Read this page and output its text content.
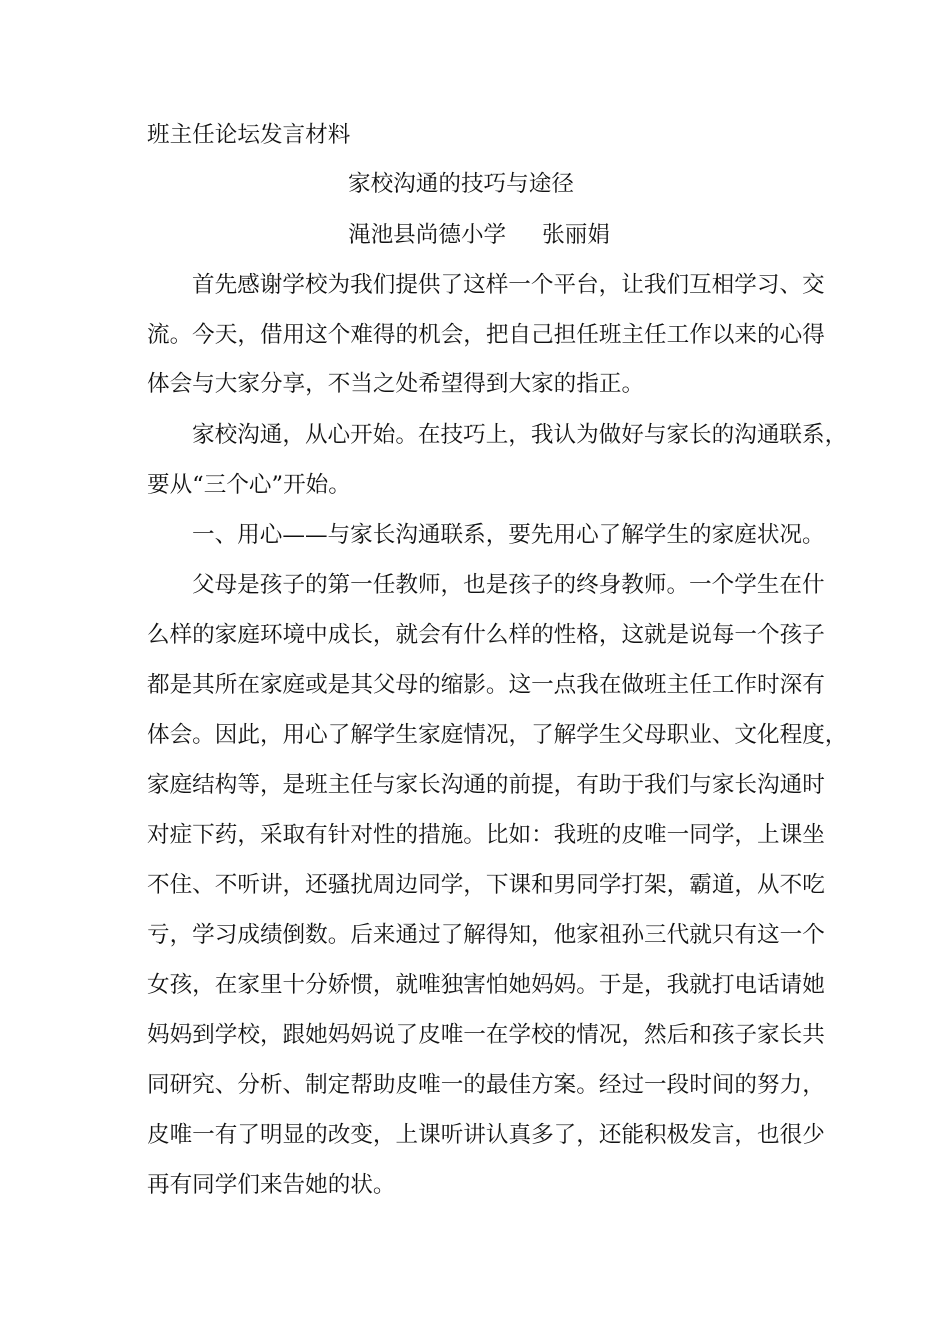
班主任论坛发言材料
家校沟通的技巧与途径
渑池县尚德小学 张丽娟
首先感谢学校为我们提供了这样一个平台，让我们互相学习、交
流。今天，借用这个难得的机会，把自己担任班主任工作以来的心得
体会与大家分享，不当之处希望得到大家的指正。
家校沟通，从心开始。在技巧上，我认为做好与家长的沟通联系，
要从“三个心”开始。
一、用心——与家长沟通联系，要先用心了解学生的家庭状况。
父母是孩子的第一任教师，也是孩子的终身教师。一个学生在什
么样的家庭环境中成长，就会有什么样的性格，这就是说每一个孩子
都是其所在家庭或是其父母的缩影。这一点我在做班主任工作时深有
体会。因此，用心了解学生家庭情况，了解学生父母职业、文化程度，
家庭结构等，是班主任与家长沟通的前提，有助于我们与家长沟通时
对症下药，采取有针对性的措施。比如：我班的皮唯一同学，上课坐
不住、不听讲，还骚扰周边同学，下课和男同学打架，霸道，从不吃
亏，学习成绩倒数。后来通过了解得知，他家祖孙三代就只有这一个
女孩，在家里十分娇惯，就唯独害怕她妈妈。于是，我就打电话请她
妈妈到学校，跟她妈妈说了皮唯一在学校的情况，然后和孩子家长共
同研究、分析、制定帮助皮唯一的最佳方案。经过一段时间的努力，
皮唯一有了明显的改变，上课听讲认真多了，还能积极发言，也很少
再有同学们来告她的状。
